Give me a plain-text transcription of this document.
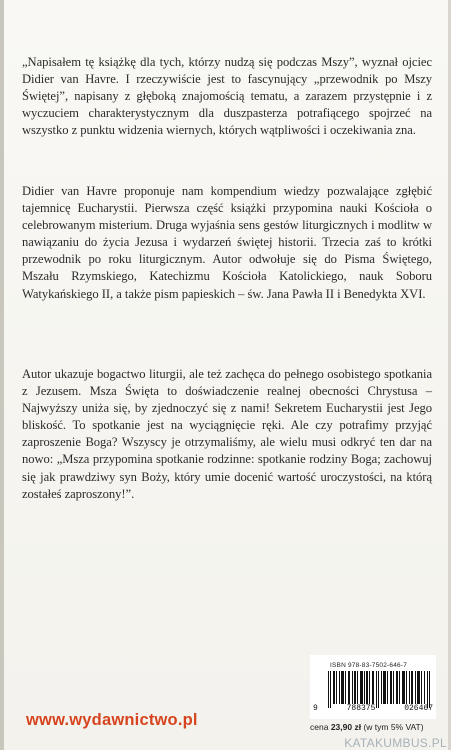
„Napisałem tę książkę dla tych, którzy nudzą się podczas Mszy”, wyznał ojciec Didier van Havre. I rzeczywiście jest to fascynujący „przewodnik po Mszy Świętej”, napisany z głęboką znajomością tematu, a zarazem przystępnie i z wyczuciem charakterystycznym dla duszpasterza potrafiącego spojrzeć na wszystko z punktu widzenia wiernych, których wątpliwości i oczekiwania zna.

Didier van Havre proponuje nam kompendium wiedzy pozwalające zgłębić tajemnicę Eucharystii. Pierwsza część książki przypomina nauki Kościoła o celebrowanym misterium. Druga wyjaśnia sens gestów liturgicznych i modlitw w nawiązaniu do życia Jezusa i wydarzeń świętej historii. Trzecia zaś to krótki przewodnik po roku liturgicznym. Autor odwołuje się do Pisma Świętego, Mszału Rzymskiego, Katechizmu Kościoła Katolickiego, nauk Soboru Watykańskiego II, a także pism papieskich – św. Jana Pawła II i Benedykta XVI.

Autor ukazuje bogactwo liturgii, ale też zachęca do pełnego osobistego spotkania z Jezusem. Msza Święta to doświadczenie realnej obecności Chrystusa – Najwyższy uniża się, by zjednoczyć się z nami! Sekretem Eucharystii jest Jego bliskość. To spotkanie jest na wyciągnięcie ręki. Ale czy potrafimy przyjąć zaproszenie Boga? Wszyscy je otrzymaliśmy, ale wielu musi odkryć ten dar na nowo: „Msza przypomina spotkanie rodzinne: spotkanie rodziny Boga; zachowuj się jak prawdziwy syn Boży, który umie docenić wartość uroczystości, na którą zostałeś zaproszony!”.

ISBN 978-83-7502-646-7
9	788375	026467
cena 23,90 zł (w tym 5% VAT)
www.wydawnictwo.pl
KATAKUMBUS.PL
